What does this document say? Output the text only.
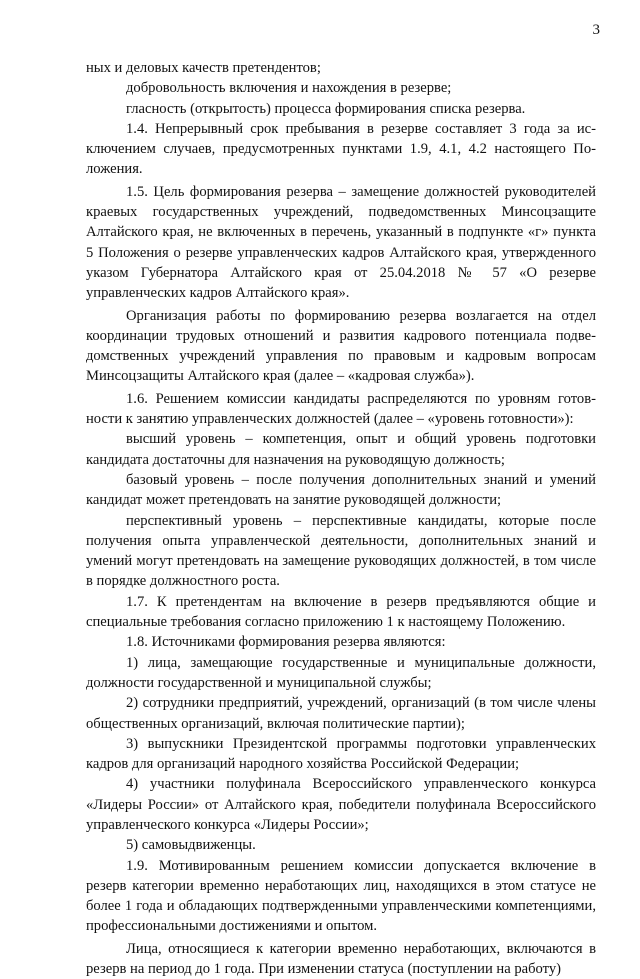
3

ных и деловых качеств претендентов;

добровольность включения и нахождения в резерве;

гласность (открытость) процесса формирования списка резерва.

1.4. Непрерывный срок пребывания в резерве составляет 3 года за исключением случаев, предусмотренных пунктами 1.9, 4.1, 4.2 настоящего Положения.

1.5. Цель формирования резерва – замещение должностей руководителей краевых государственных учреждений, подведомственных Минсоцзащите Алтайского края, не включенных в перечень, указанный в подпункте «г» пункта 5 Положения о резерве управленческих кадров Алтайского края, утвержденного указом Губернатора Алтайского края от 25.04.2018 № 57 «О резерве управленческих кадров Алтайского края».

Организация работы по формированию резерва возлагается на отдел координации трудовых отношений и развития кадрового потенциала подведомственных учреждений управления по правовым и кадровым вопросам Минсоцзащиты Алтайского края (далее – «кадровая служба»).

1.6. Решением комиссии кандидаты распределяются по уровням готовности к занятию управленческих должностей (далее – «уровень готовности»):

высший уровень – компетенция, опыт и общий уровень подготовки кандидата достаточны для назначения на руководящую должность;

базовый уровень – после получения дополнительных знаний и умений кандидат может претендовать на занятие руководящей должности;

перспективный уровень – перспективные кандидаты, которые после получения опыта управленческой деятельности, дополнительных знаний и умений могут претендовать на замещение руководящих должностей, в том числе в порядке должностного роста.

1.7. К претендентам на включение в резерв предъявляются общие и специальные требования согласно приложению 1 к настоящему Положению.

1.8. Источниками формирования резерва являются:

1) лица, замещающие государственные и муниципальные должности, должности государственной и муниципальной службы;

2) сотрудники предприятий, учреждений, организаций (в том числе члены общественных организаций, включая политические партии);

3) выпускники Президентской программы подготовки управленческих кадров для организаций народного хозяйства Российской Федерации;

4) участники полуфинала Всероссийского управленческого конкурса «Лидеры России» от Алтайского края, победители полуфинала Всероссийского управленческого конкурса «Лидеры России»;

5) самовыдвиженцы.

1.9. Мотивированным решением комиссии допускается включение в резерв категории временно неработающих лиц, находящихся в этом статусе не более 1 года и обладающих подтвержденными управленческими компетенциями, профессиональными достижениями и опытом.

Лица, относящиеся к категории временно неработающих, включаются в резерв на период до 1 года. При изменении статуса (поступлении на работу)
